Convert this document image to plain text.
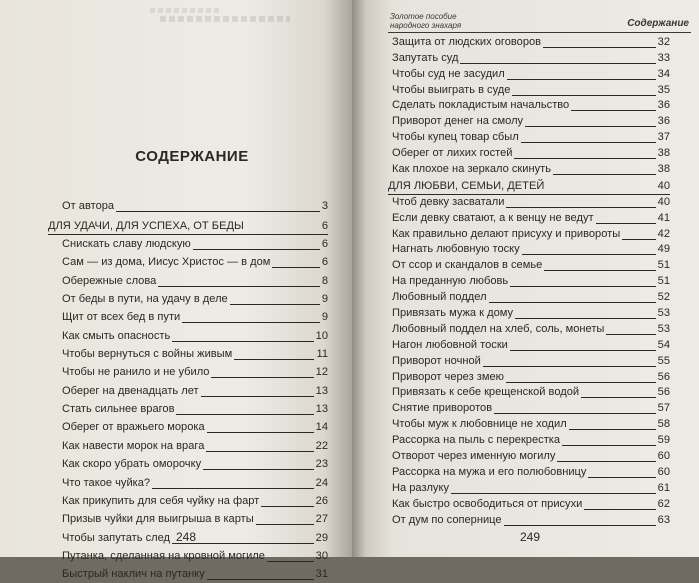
СОДЕРЖАНИЕ
От автора	3
ДЛЯ УДАЧИ, ДЛЯ УСПЕХА, ОТ БЕДЫ	6
Снискать славу людскую	6
Сам — из дома, Иисус Христос — в дом	6
Обережные слова	8
От беды в пути, на удачу в деле	9
Щит от всех бед в пути	9
Как смыть опасность	10
Чтобы вернуться с войны живым	11
Чтобы не ранило и не убило	12
Оберег на двенадцать лет	13
Стать сильнее врагов	13
Оберег от вражьего морока	14
Как навести морок на врага	22
Как скоро убрать оморочку	23
Что такое чуйка?	24
Как прикупить для себя чуйку на фарт	26
Призыв чуйки для выигрыша в карты	27
Чтобы запутать след	29
Путанка, сделанная на кровной могиле	30
Быстрый наклич на путанку	31
248
Золотое пособие
народного знахаря	Содержание
Защита от людских оговоров	32
Запутать суд	33
Чтобы суд не засудил	34
Чтобы выиграть в суде	35
Сделать покладистым начальство	36
Приворот денег на смолу	36
Чтобы купец товар сбыл	37
Оберег от лихих гостей	38
Как плохое на зеркало скинуть	38
ДЛЯ ЛЮБВИ, СЕМЬИ, ДЕТЕЙ	40
Чтоб девку засватали	40
Если девку сватают, а к венцу не ведут	41
Как правильно делают присуху и привороты	42
Нагнать любовную тоску	49
От ссор и скандалов в семье	51
На преданную любовь	51
Любовный поддел	52
Привязать мужа к дому	53
Любовный поддел на хлеб, соль, монеты	53
Нагон любовной тоски	54
Приворот ночной	55
Приворот через змею	56
Привязать к себе крещенской водой	56
Снятие приворотов	57
Чтобы муж к любовнице не ходил	58
Рассорка на пыль с перекрестка	59
Отворот через именную могилу	60
Рассорка на мужа и его полюбовницу	60
На разлуку	61
Как быстро освободиться от присухи	62
От дум по сопернице	63
249
